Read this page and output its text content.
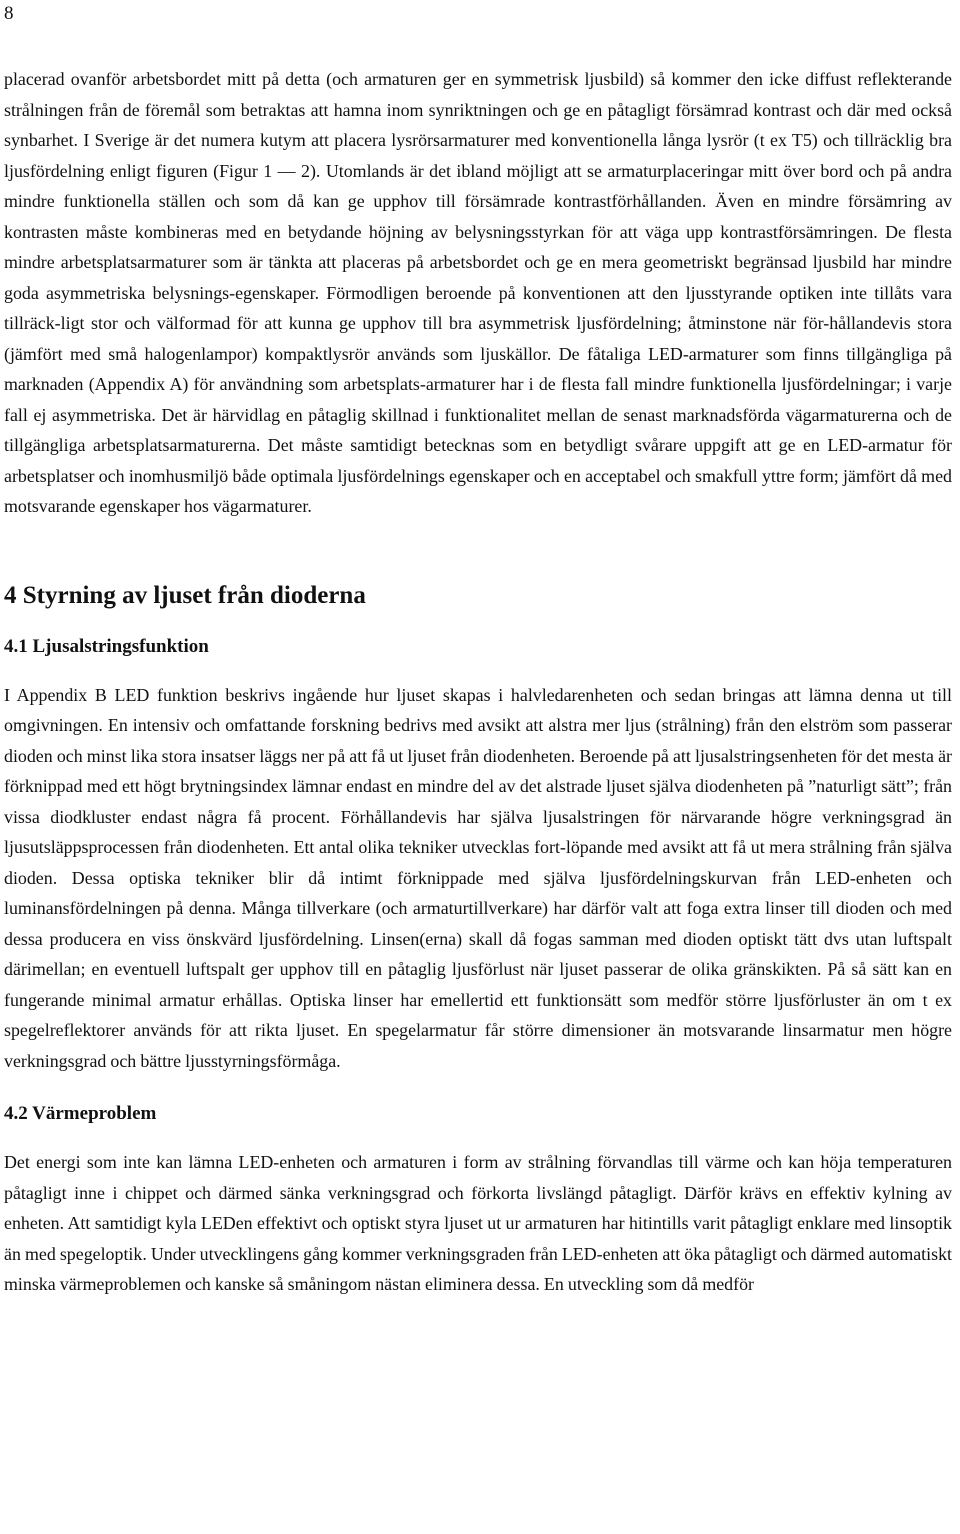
8

placerad ovanför arbetsbordet mitt på detta (och armaturen ger en symmetrisk ljusbild) så kommer den icke diffust reflekterande strålningen från de föremål som betraktas att hamna inom synriktningen och ge en påtagligt försämrad kontrast och där med också synbarhet. I Sverige är det numera kutym att placera lysrörsarmaturer med konventionella långa lysrör (t ex T5) och tillräcklig bra ljusfördelning enligt figuren (Figur 1 — 2). Utomlands är det ibland möjligt att se armaturplaceringar mitt över bord och på andra mindre funktionella ställen och som då kan ge upphov till försämrade kontrastförhållanden. Även en mindre försämring av kontrasten måste kombineras med en betydande höjning av belysningsstyrkan för att väga upp kontrastförsämringen. De flesta mindre arbetsplatsarmaturer som är tänkta att placeras på arbetsbordet och ge en mera geometriskt begränsad ljusbild har mindre goda asymmetriska belysnings-egenskaper. Förmodligen beroende på konventionen att den ljusstyrande optiken inte tillåts vara tillräck-ligt stor och välformad för att kunna ge upphov till bra asymmetrisk ljusfördelning; åtminstone när för-hållandevis stora (jämfört med små halogenlampor) kompaktlysrör används som ljuskällor. De fåtaliga LED-armaturer som finns tillgängliga på marknaden (Appendix A) för användning som arbetsplats-armaturer har i de flesta fall mindre funktionella ljusfördelningar; i varje fall ej asymmetriska. Det är härvidlag en påtaglig skillnad i funktionalitet mellan de senast marknadsförda vägarmaturerna och de tillgängliga arbetsplatsarmaturerna. Det måste samtidigt betecknas som en betydligt svårare uppgift att ge en LED-armatur för arbetsplatser och inomhusmiljö både optimala ljusfördelnings egenskaper och en acceptabel och smakfull yttre form; jämfört då med motsvarande egenskaper hos vägarmaturer.

4 Styrning av ljuset från dioderna
4.1 Ljusalstringsfunktion

I Appendix B LED funktion beskrivs ingående hur ljuset skapas i halvledarenheten och sedan bringas att lämna denna ut till omgivningen. En intensiv och omfattande forskning bedrivs med avsikt att alstra mer ljus (strålning) från den elström som passerar dioden och minst lika stora insatser läggs ner på att få ut ljuset från diodenheten. Beroende på att ljusalstringsenheten för det mesta är förknippad med ett högt brytningsindex lämnar endast en mindre del av det alstrade ljuset själva diodenheten på ”naturligt sätt”; från vissa diodkluster endast några få procent. Förhållandevis har själva ljusalstringen för närvarande högre verkningsgrad än ljusutsläppsprocessen från diodenheten. Ett antal olika tekniker utvecklas fort-löpande med avsikt att få ut mera strålning från själva dioden. Dessa optiska tekniker blir då intimt förknippade med själva ljusfördelningskurvan från LED-enheten och luminansfördelningen på denna. Många tillverkare (och armaturtillverkare) har därför valt att foga extra linser till dioden och med dessa producera en viss önskvärd ljusfördelning. Linsen(erna) skall då fogas samman med dioden optiskt tätt dvs utan luftspalt därimellan; en eventuell luftspalt ger upphov till en påtaglig ljusförlust när ljuset passerar de olika gränskikten. På så sätt kan en fungerande minimal armatur erhållas. Optiska linser har emellertid ett funktionsätt som medför större ljusförluster än om t ex spegelreflektorer används för att rikta ljuset. En spegelarmatur får större dimensioner än motsvarande linsarmatur men högre verkningsgrad och bättre ljusstyrningsförmåga.

4.2 Värmeproblem

Det energi som inte kan lämna LED-enheten och armaturen i form av strålning förvandlas till värme och kan höja temperaturen påtagligt inne i chippet och därmed sänka verkningsgrad och förkorta livslängd påtagligt. Därför krävs en effektiv kylning av enheten. Att samtidigt kyla LEDen effektivt och optiskt styra ljuset ut ur armaturen har hitintills varit påtagligt enklare med linsoptik än med spegeloptik. Under utvecklingens gång kommer verkningsgraden från LED-enheten att öka påtagligt och därmed automatiskt minska värmeproblemen och kanske så småningom nästan eliminera dessa. En utveckling som då medför
